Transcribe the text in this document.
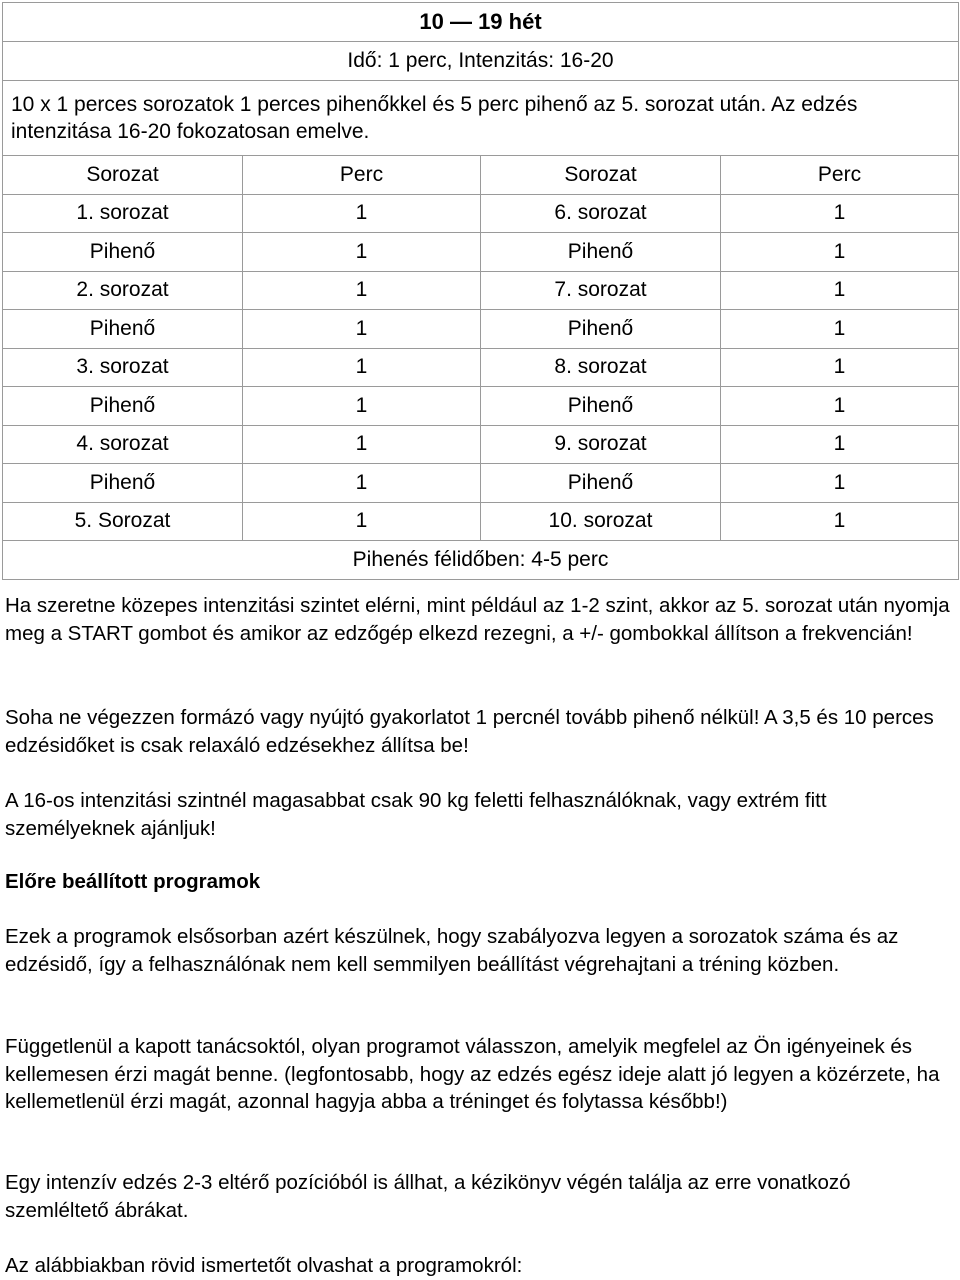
10 — 19 hét			
Idő: 1 perc, Intenzitás: 16-20			
10 x 1 perces sorozatok 1 perces pihenőkkel és 5 perc pihenő az 5. sorozat után. Az edzés intenzitása 16-20 fokozatosan emelve.			
Sorozat	Perc	Sorozat	Perc
1. sorozat	1	6. sorozat	1
Pihenő	1	Pihenő	1
2. sorozat	1	7. sorozat	1
Pihenő	1	Pihenő	1
3. sorozat	1	8. sorozat	1
Pihenő	1	Pihenő	1
4. sorozat	1	9. sorozat	1
Pihenő	1	Pihenő	1
5. Sorozat	1	10. sorozat	1
Pihenés félidőben: 4-5 perc			

Ha szeretne közepes intenzitási szintet elérni, mint például az 1-2 szint, akkor az 5. sorozat után nyomja meg a START gombot és amikor az edzőgép elkezd rezegni, a +/- gombokkal állítson a frekvencián!

Soha ne végezzen formázó vagy nyújtó gyakorlatot 1 percnél tovább pihenő nélkül! A 3,5 és 10 perces edzésidőket is csak relaxáló edzésekhez állítsa be!

A 16-os intenzitási szintnél magasabbat csak 90 kg feletti felhasználóknak, vagy extrém fitt személyeknek ajánljuk!

Előre beállított programok

Ezek a programok elsősorban azért készülnek, hogy szabályozva legyen a sorozatok száma és az edzésidő, így a felhasználónak nem kell semmilyen beállítást végrehajtani a tréning közben.

Függetlenül a kapott tanácsoktól, olyan programot válasszon, amelyik megfelel az Ön igényeinek és kellemesen érzi magát benne. (legfontosabb, hogy az edzés egész ideje alatt jó legyen a közérzete, ha kellemetlenül érzi magát, azonnal hagyja abba a tréninget és folytassa később!)

Egy intenzív edzés 2-3 eltérő pozícióból is állhat, a kézikönyv végén találja az erre vonatkozó szemléltető ábrákat.

Az alábbiakban rövid ismertetőt olvashat a programokról:
